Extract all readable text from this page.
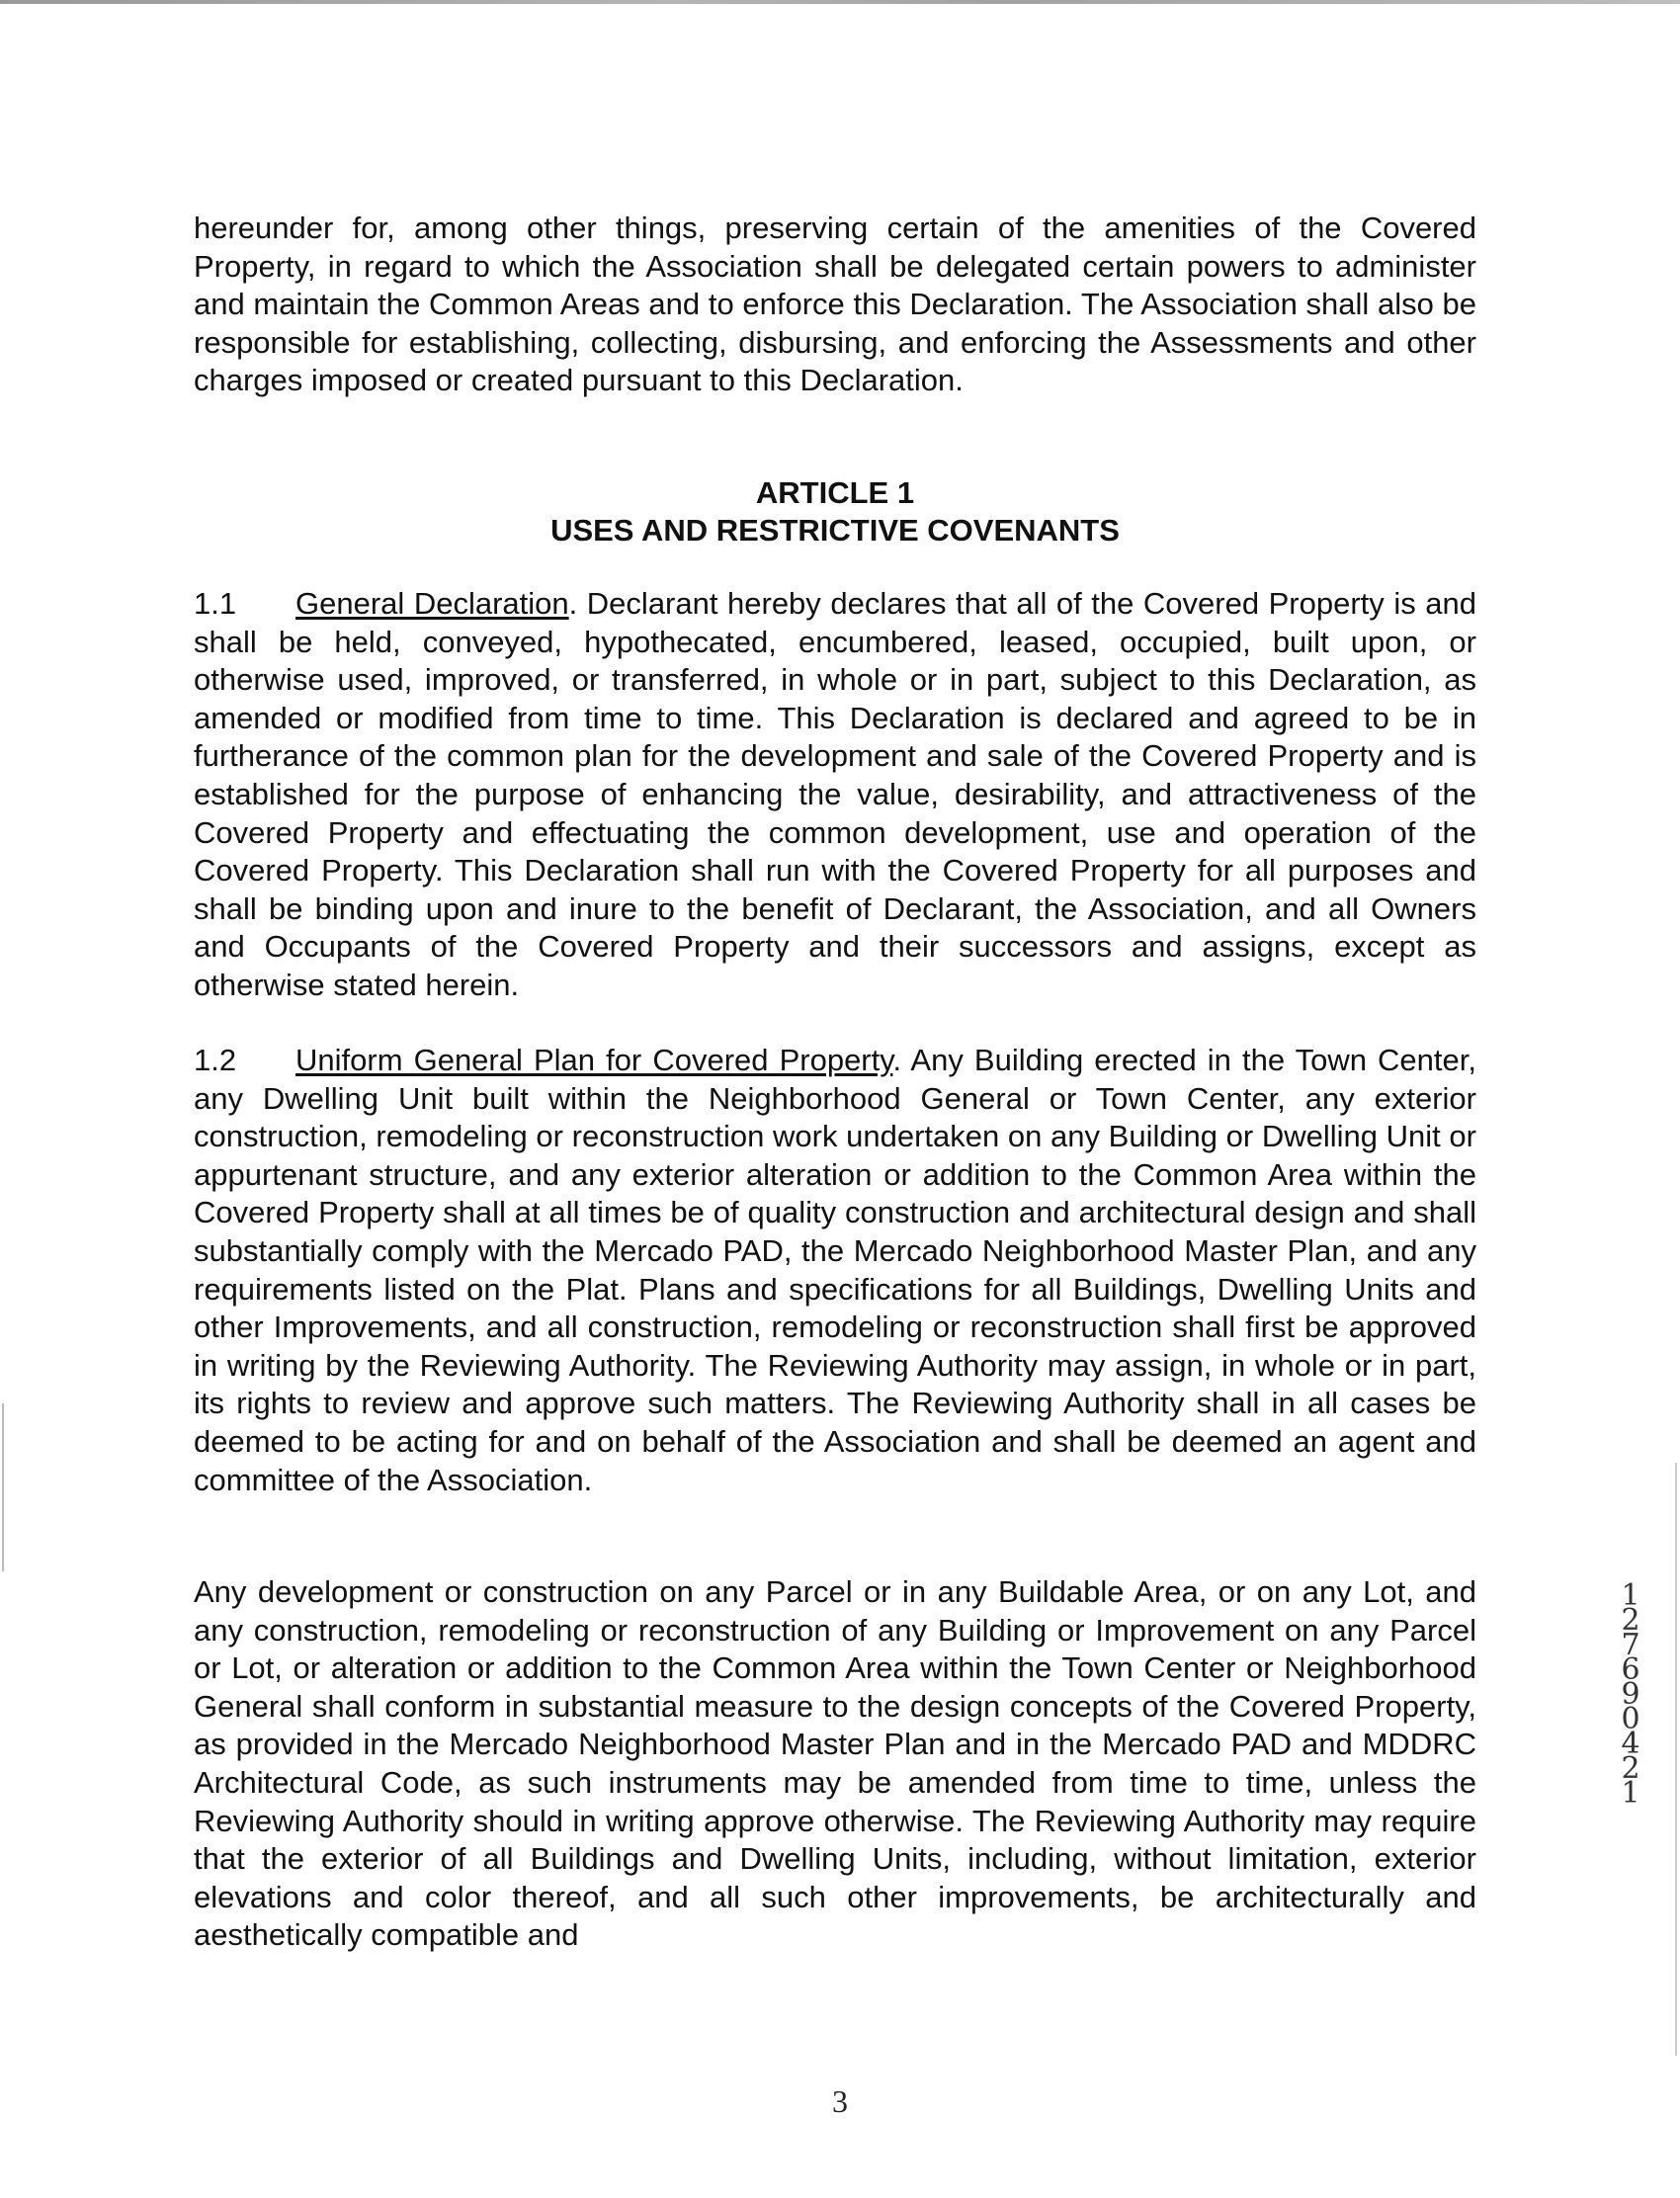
hereunder for, among other things, preserving certain of the amenities of the Covered Property, in regard to which the Association shall be delegated certain powers to administer and maintain the Common Areas and to enforce this Declaration. The Association shall also be responsible for establishing, collecting, disbursing, and enforcing the Assessments and other charges imposed or created pursuant to this Declaration.

ARTICLE 1

USES AND RESTRICTIVE COVENANTS

1.1 General Declaration. Declarant hereby declares that all of the Covered Property is and shall be held, conveyed, hypothecated, encumbered, leased, occupied, built upon, or otherwise used, improved, or transferred, in whole or in part, subject to this Declaration, as amended or modified from time to time. This Declaration is declared and agreed to be in furtherance of the common plan for the development and sale of the Covered Property and is established for the purpose of enhancing the value, desirability, and attractiveness of the Covered Property and effectuating the common development, use and operation of the Covered Property. This Declaration shall run with the Covered Property for all purposes and shall be binding upon and inure to the benefit of Declarant, the Association, and all Owners and Occupants of the Covered Property and their successors and assigns, except as otherwise stated herein.

1.2 Uniform General Plan for Covered Property. Any Building erected in the Town Center, any Dwelling Unit built within the Neighborhood General or Town Center, any exterior construction, remodeling or reconstruction work undertaken on any Building or Dwelling Unit or appurtenant structure, and any exterior alteration or addition to the Common Area within the Covered Property shall at all times be of quality construction and architectural design and shall substantially comply with the Mercado PAD, the Mercado Neighborhood Master Plan, and any requirements listed on the Plat. Plans and specifications for all Buildings, Dwelling Units and other Improvements, and all construction, remodeling or reconstruction shall first be approved in writing by the Reviewing Authority. The Reviewing Authority may assign, in whole or in part, its rights to review and approve such matters. The Reviewing Authority shall in all cases be deemed to be acting for and on behalf of the Association and shall be deemed an agent and committee of the Association.

Any development or construction on any Parcel or in any Buildable Area, or on any Lot, and any construction, remodeling or reconstruction of any Building or Improvement on any Parcel or Lot, or alteration or addition to the Common Area within the Town Center or Neighborhood General shall conform in substantial measure to the design concepts of the Covered Property, as provided in the Mercado Neighborhood Master Plan and in the Mercado PAD and MDDRC Architectural Code, as such instruments may be amended from time to time, unless the Reviewing Authority should in writing approve otherwise. The Reviewing Authority may require that the exterior of all Buildings and Dwelling Units, including, without limitation, exterior elevations and color thereof, and all such other improvements, be architecturally and aesthetically compatible and

127690421
3
